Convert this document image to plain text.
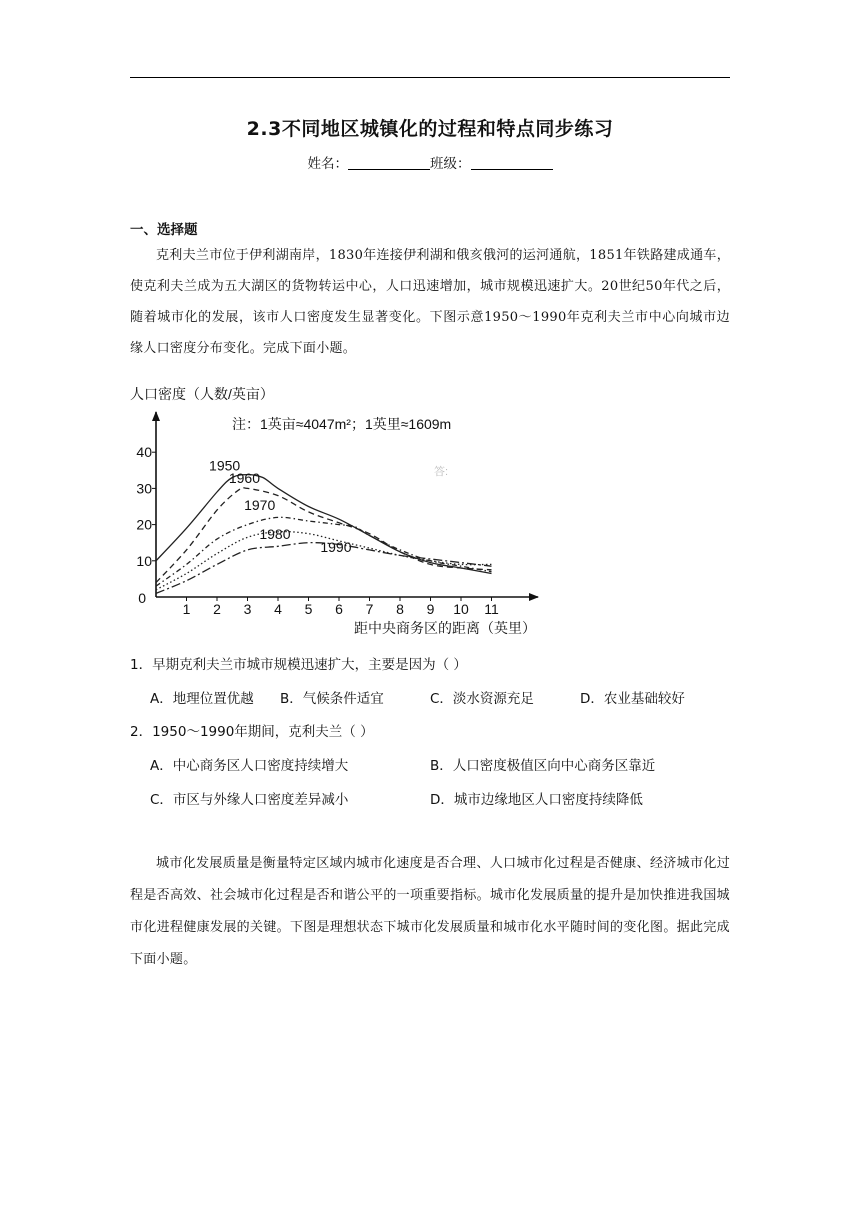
2.3不同地区城镇化的过程和特点同步练习
姓名：	班级：
一、选择题
克利夫兰市位于伊利湖南岸，1830年连接伊利湖和俄亥俄河的运河通航，1851年铁路建成通车，使克利夫兰成为五大湖区的货物转运中心，人口迅速增加，城市规模迅速扩大。20世纪50年代之后，随着城市化的发展，该市人口密度发生显著变化。下图示意1950～1990年克利夫兰市中心向城市边缘人口密度分布变化。完成下面小题。
人口密度（人数/英亩）
距中央商务区的距离（英里）
注：1英亩≈4047m²；1英里≈1609m
答:
0
10
20
30
40
1 2 3 4 5 6 7 8 9 10 11
1950
1960
1970
1980
1990
1．早期克利夫兰市城市规模迅速扩大，主要是因为（ ）
A．地理位置优越 B．气候条件适宜	C．淡水资源充足	D．农业基础较好
2．1950～1990年期间，克利夫兰（ ）
A．中心商务区人口密度持续增大	B．人口密度极值区向中心商务区靠近
C．市区与外缘人口密度差异减小	D．城市边缘地区人口密度持续降低
城市化发展质量是衡量特定区域内城市化速度是否合理、人口城市化过程是否健康、经济城市化过程是否高效、社会城市化过程是否和谐公平的一项重要指标。城市化发展质量的提升是加快推进我国城市化进程健康发展的关键。下图是理想状态下城市化发展质量和城市化水平随时间的变化图。据此完成下面小题。
